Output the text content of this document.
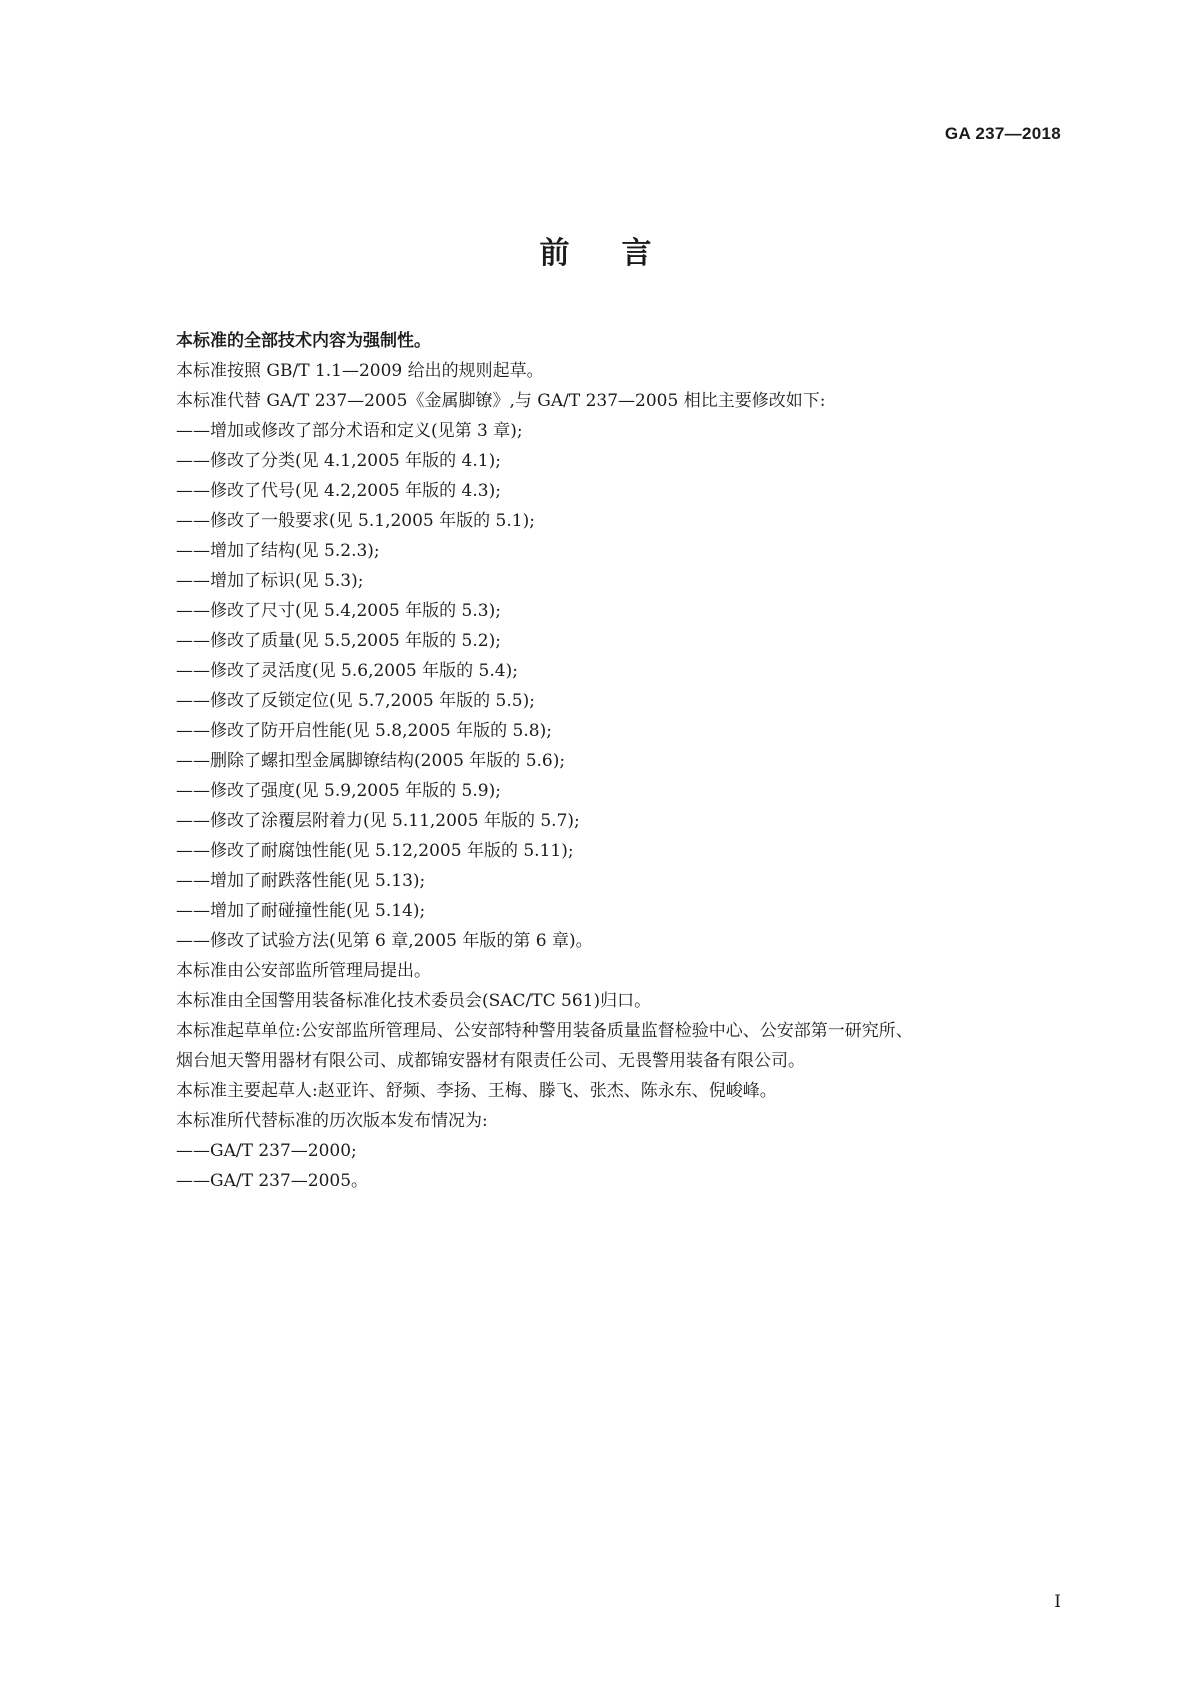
GA 237—2018
前言

本标准的全部技术内容为强制性。

本标准按照 GB/T 1.1—2009 给出的规则起草。

本标准代替 GA/T 237—2005《金属脚镣》,与 GA/T 237—2005 相比主要修改如下:

——增加或修改了部分术语和定义(见第 3 章);

——修改了分类(见 4.1,2005 年版的 4.1);

——修改了代号(见 4.2,2005 年版的 4.3);

——修改了一般要求(见 5.1,2005 年版的 5.1);

——增加了结构(见 5.2.3);

——增加了标识(见 5.3);

——修改了尺寸(见 5.4,2005 年版的 5.3);

——修改了质量(见 5.5,2005 年版的 5.2);

——修改了灵活度(见 5.6,2005 年版的 5.4);

——修改了反锁定位(见 5.7,2005 年版的 5.5);

——修改了防开启性能(见 5.8,2005 年版的 5.8);

——删除了螺扣型金属脚镣结构(2005 年版的 5.6);

——修改了强度(见 5.9,2005 年版的 5.9);

——修改了涂覆层附着力(见 5.11,2005 年版的 5.7);

——修改了耐腐蚀性能(见 5.12,2005 年版的 5.11);

——增加了耐跌落性能(见 5.13);

——增加了耐碰撞性能(见 5.14);

——修改了试验方法(见第 6 章,2005 年版的第 6 章)。

本标准由公安部监所管理局提出。

本标准由全国警用装备标准化技术委员会(SAC/TC 561)归口。

本标准起草单位:公安部监所管理局、公安部特种警用装备质量监督检验中心、公安部第一研究所、

烟台旭天警用器材有限公司、成都锦安器材有限责任公司、无畏警用装备有限公司。

本标准主要起草人:赵亚许、舒频、李扬、王梅、滕飞、张杰、陈永东、倪峻峰。

本标准所代替标准的历次版本发布情况为:

——GA/T 237—2000;

——GA/T 237—2005。

I
